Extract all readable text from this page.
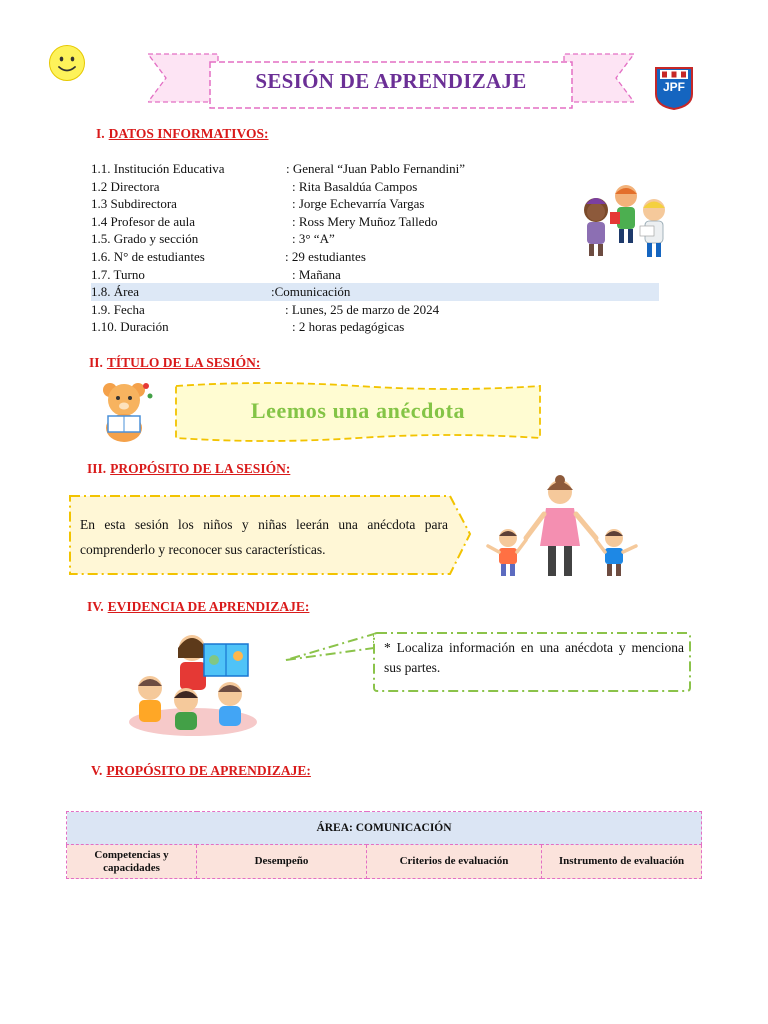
SESIÓN DE APRENDIZAJE	JPF
I. DATOS INFORMATIVOS:
1.1. Institución Educativa	: General “Juan Pablo Fernandini”
1.2 Directora	: Rita Basaldúa Campos
1.3 Subdirectora	: Jorge Echevarría Vargas
1.4 Profesor de aula	: Ross Mery Muñoz Talledo
1.5. Grado y sección	: 3° “A”
1.6. N° de estudiantes	: 29 estudiantes
1.7. Turno	: Mañana
1.8. Área	:Comunicación
1.9. Fecha	: Lunes, 25 de marzo de 2024
1.10. Duración	: 2 horas pedagógicas
II. TÍTULO DE LA SESIÓN:
Leemos una anécdota
III. PROPÓSITO DE LA SESIÓN:
En esta sesión los niños y niñas leerán una anécdota para comprenderlo y reconocer sus características.
IV. EVIDENCIA DE APRENDIZAJE:
* Localiza información en una anécdota y menciona sus partes.
V. PROPÓSITO DE APRENDIZAJE:
ÁREA: COMUNICACIÓN
Competencias y capacidades	Desempeño	Criterios de evaluación	Instrumento de evaluación
